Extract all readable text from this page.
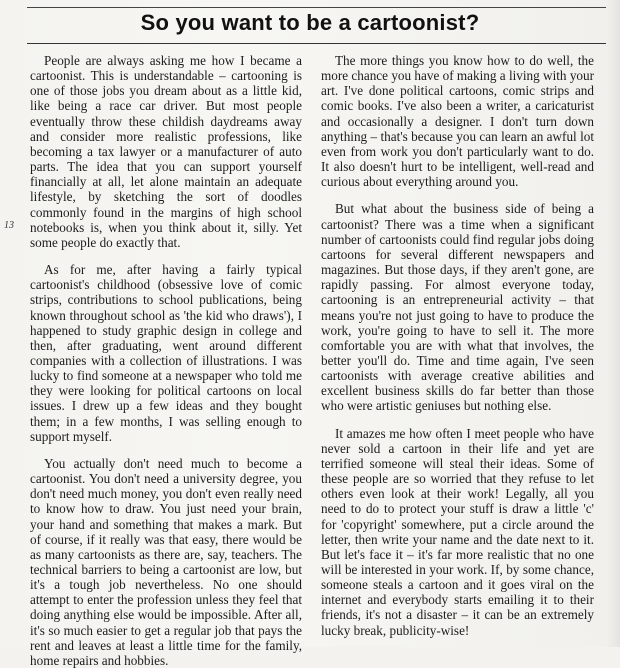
So you want to be a cartoonist?
13

People are always asking me how I became a cartoonist. This is understandable – cartooning is one of those jobs you dream about as a little kid, like being a race car driver. But most people eventually throw these childish daydreams away and consider more realistic professions, like becoming a tax lawyer or a manufacturer of auto parts. The idea that you can support yourself financially at all, let alone maintain an adequate lifestyle, by sketching the sort of doodles commonly found in the margins of high school notebooks is, when you think about it, silly. Yet some people do exactly that.

As for me, after having a fairly typical cartoonist's childhood (obsessive love of comic strips, contributions to school publications, being known throughout school as 'the kid who draws'), I happened to study graphic design in college and then, after graduating, went around different companies with a collection of illustrations. I was lucky to find someone at a newspaper who told me they were looking for political cartoons on local issues. I drew up a few ideas and they bought them; in a few months, I was selling enough to support myself.

You actually don't need much to become a cartoonist. You don't need a university degree, you don't need much money, you don't even really need to know how to draw. You just need your brain, your hand and something that makes a mark. But of course, if it really was that easy, there would be as many cartoonists as there are, say, teachers. The technical barriers to being a cartoonist are low, but it's a tough job nevertheless. No one should attempt to enter the profession unless they feel that doing anything else would be impossible. After all, it's so much easier to get a regular job that pays the rent and leaves at least a little time for the family, home repairs and hobbies.

The more things you know how to do well, the more chance you have of making a living with your art. I've done political cartoons, comic strips and comic books. I've also been a writer, a caricaturist and occasionally a designer. I don't turn down anything – that's because you can learn an awful lot even from work you don't particularly want to do. It also doesn't hurt to be intelligent, well-read and curious about everything around you.

But what about the business side of being a cartoonist? There was a time when a significant number of cartoonists could find regular jobs doing cartoons for several different newspapers and magazines. But those days, if they aren't gone, are rapidly passing. For almost everyone today, cartooning is an entrepreneurial activity – that means you're not just going to have to produce the work, you're going to have to sell it. The more comfortable you are with what that involves, the better you'll do. Time and time again, I've seen cartoonists with average creative abilities and excellent business skills do far better than those who were artistic geniuses but nothing else.

It amazes me how often I meet people who have never sold a cartoon in their life and yet are terrified someone will steal their ideas. Some of these people are so worried that they refuse to let others even look at their work! Legally, all you need to do to protect your stuff is draw a little 'c' for 'copyright' somewhere, put a circle around the letter, then write your name and the date next to it. But let's face it – it's far more realistic that no one will be interested in your work. If, by some chance, someone steals a cartoon and it goes viral on the internet and everybody starts emailing it to their friends, it's not a disaster – it can be an extremely lucky break, publicity-wise!
